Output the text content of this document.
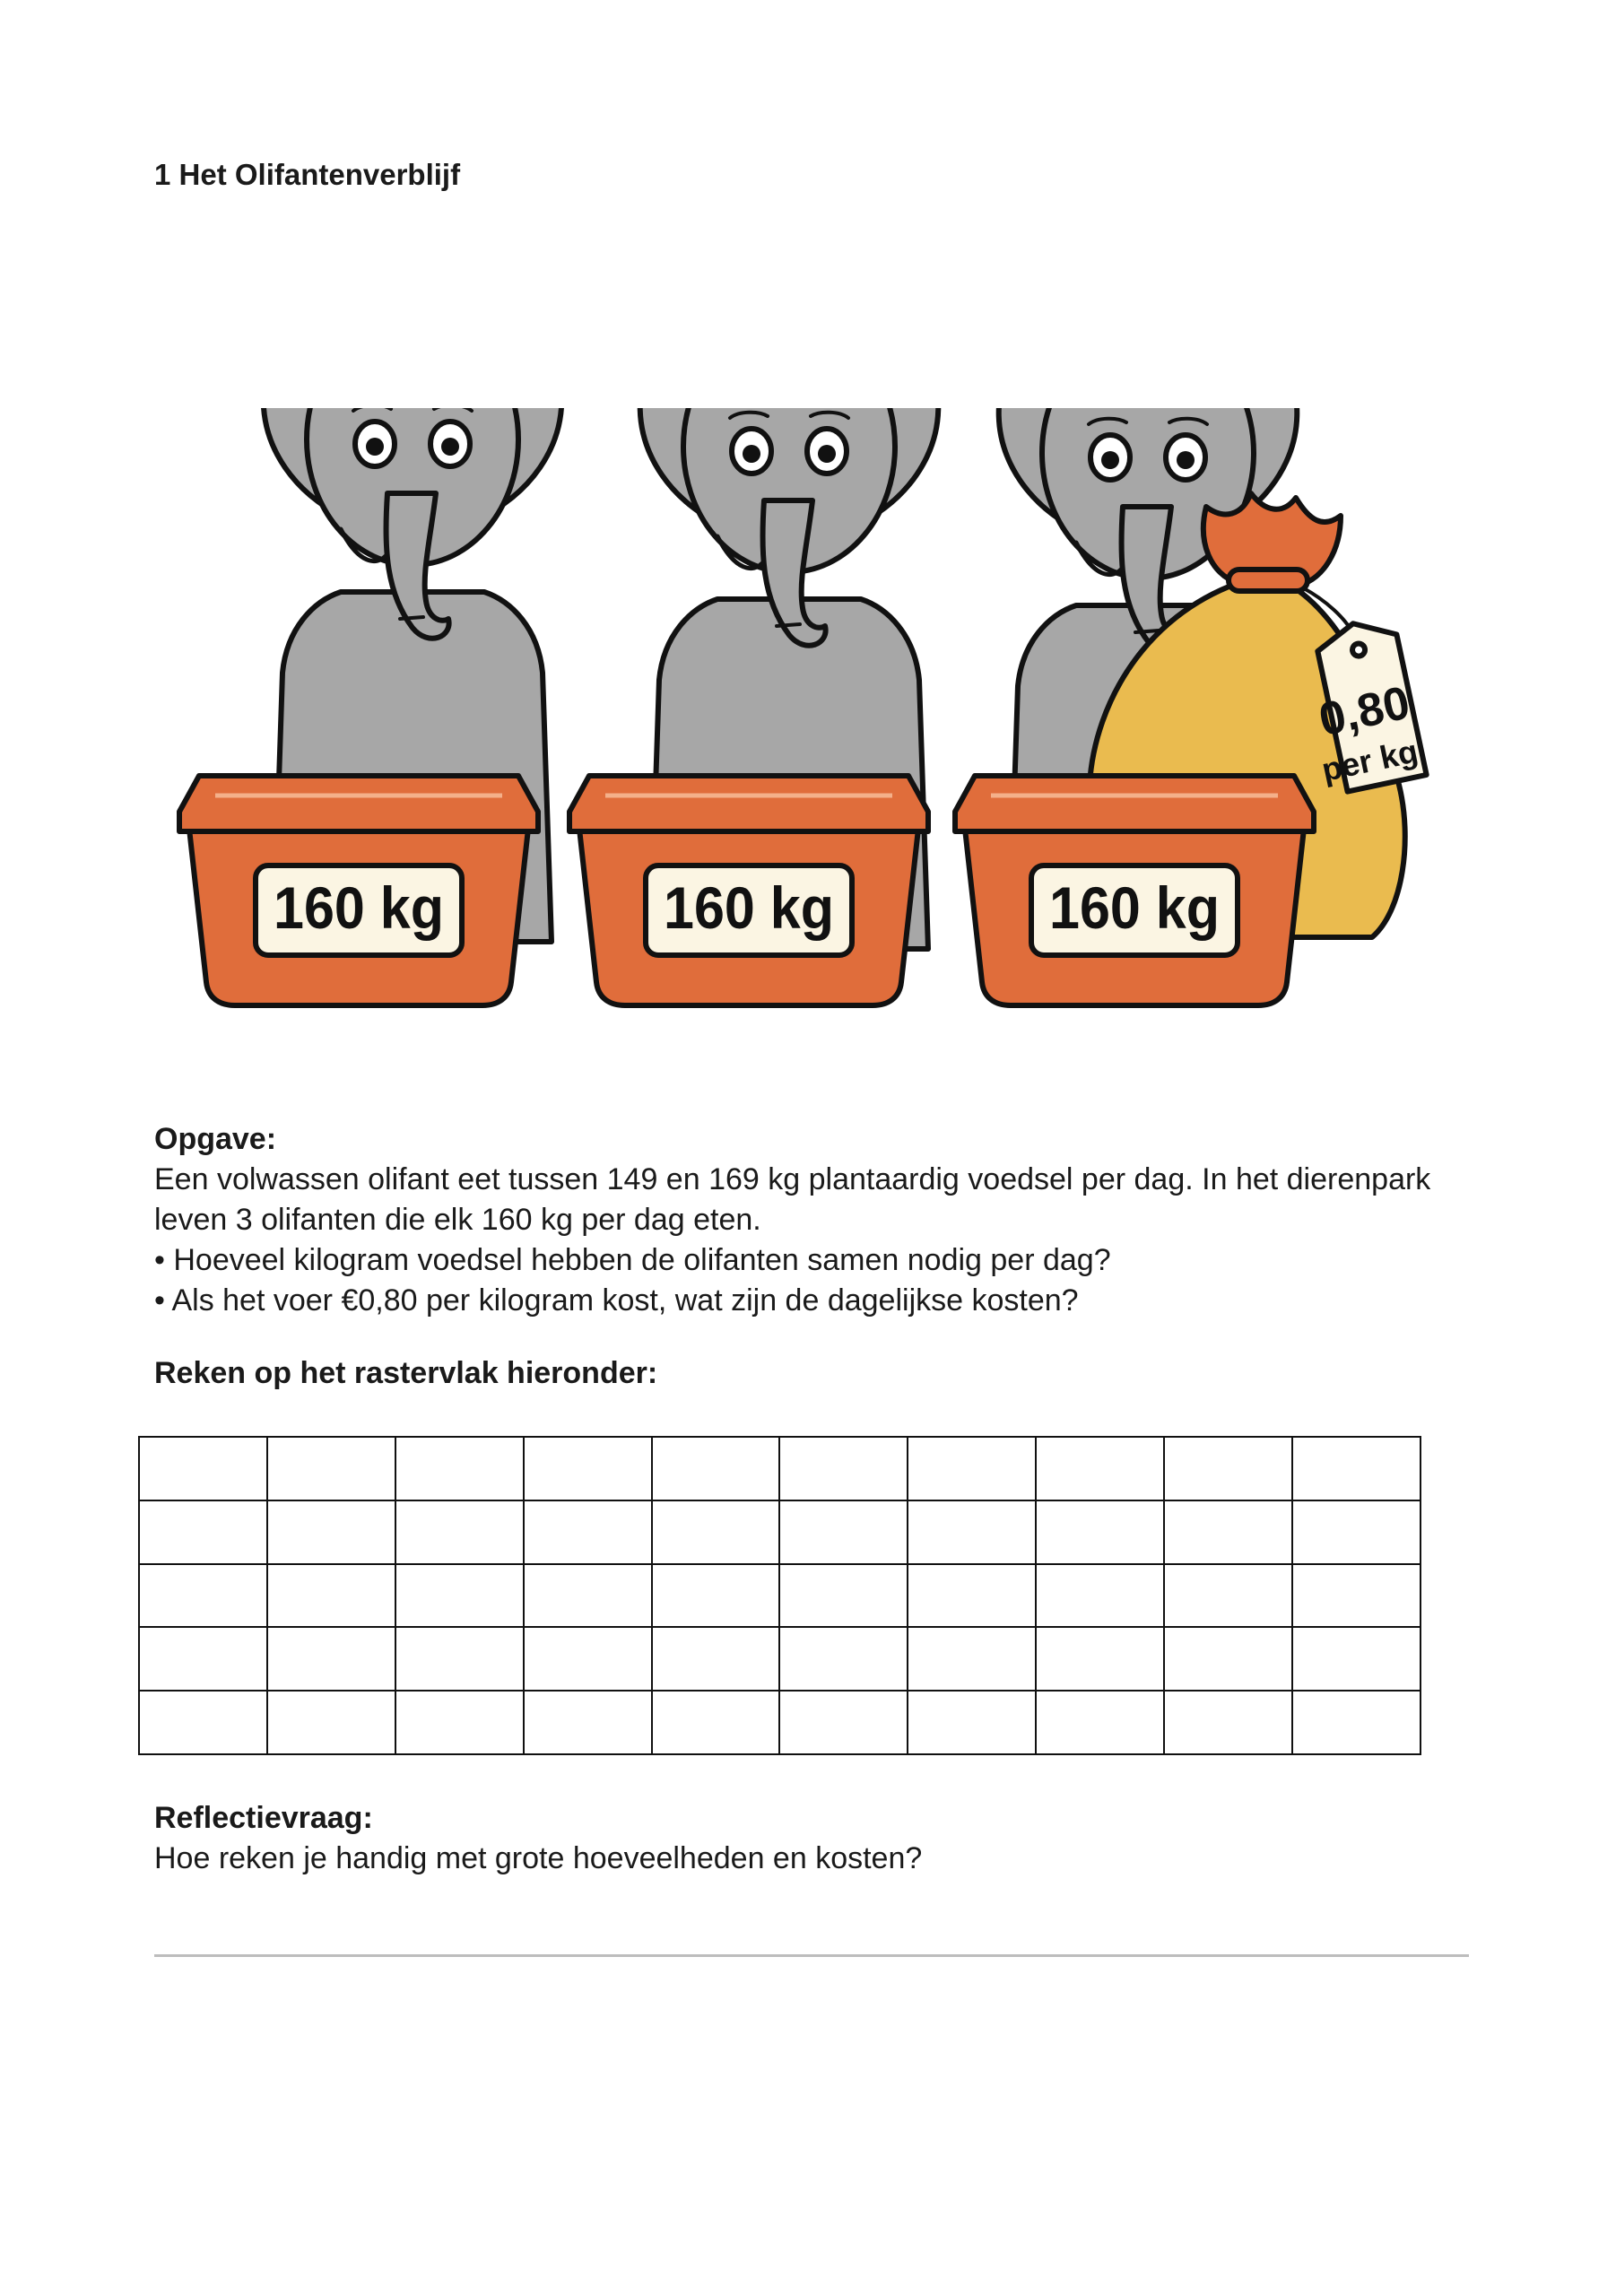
1 Het Olifantenverblijf
0,80
per kg
160 kg	160 kg	160 kg
Opgave:
Een volwassen olifant eet tussen 149 en 169 kg plantaardig voedsel per dag. In het dierenpark
leven 3 olifanten die elk 160 kg per dag eten.
• Hoeveel kilogram voedsel hebben de olifanten samen nodig per dag?
• Als het voer €0,80 per kilogram kost, wat zijn de dagelijkse kosten?
Reken op het rastervlak hieronder:

Reflectievraag:
Hoe reken je handig met grote hoeveelheden en kosten?
